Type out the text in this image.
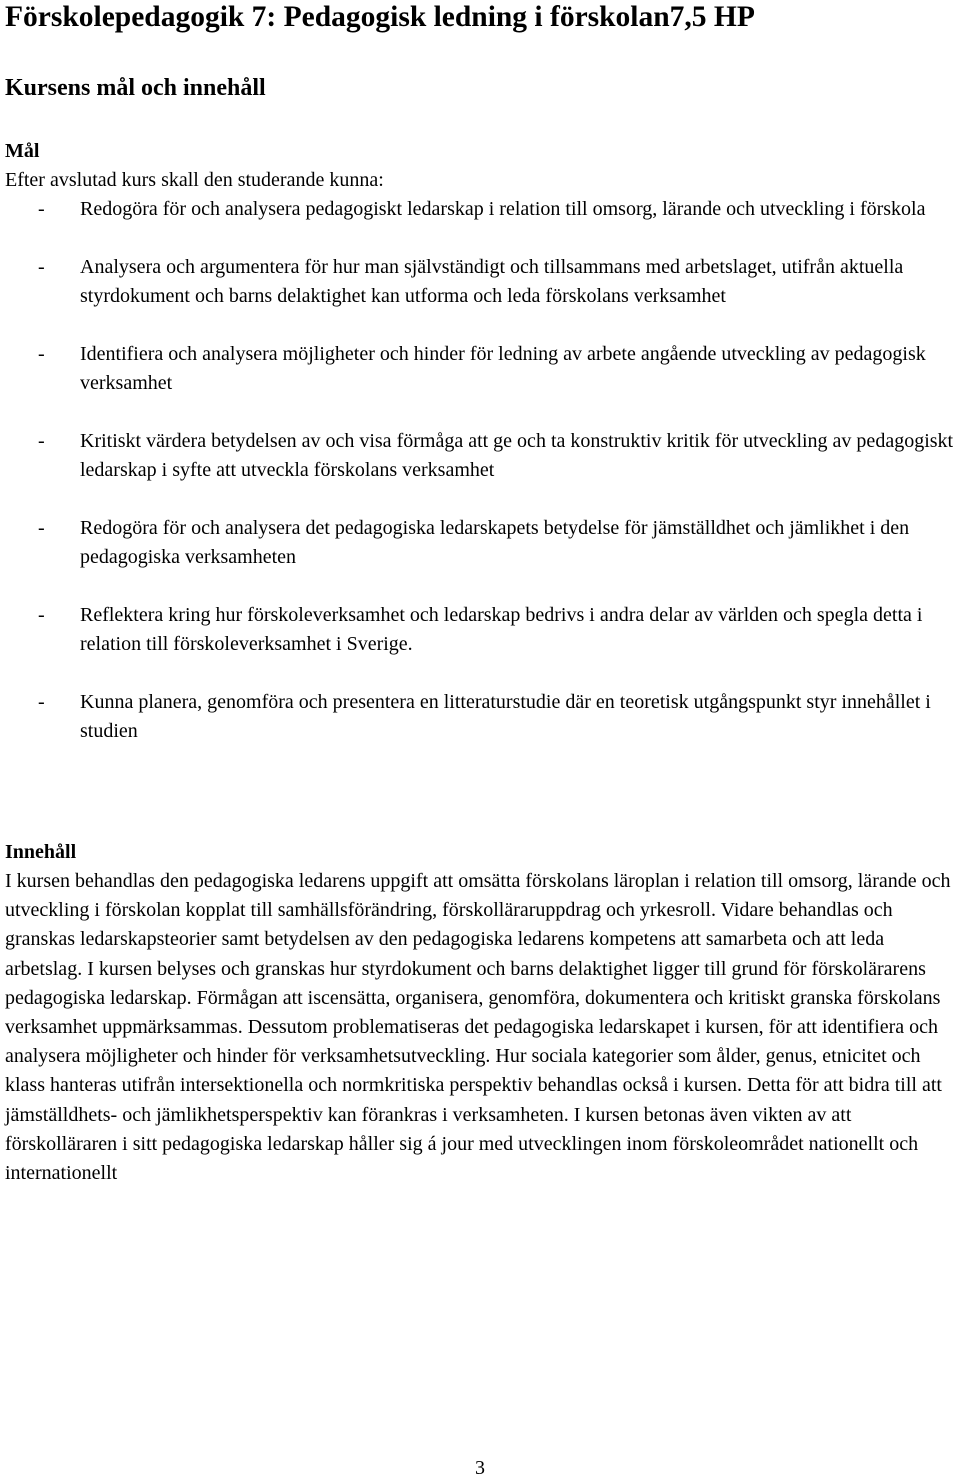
Förskolepedagogik 7: Pedagogisk ledning i förskolan7,5 HP
Kursens mål och innehåll
Mål

Efter avslutad kurs skall den studerande kunna:

- Redogöra för och analysera pedagogiskt ledarskap i relation till omsorg, lärande och utveckling i förskola
- Analysera och argumentera för hur man självständigt och tillsammans med arbetslaget, utifrån aktuella styrdokument och barns delaktighet kan utforma och leda förskolans verksamhet
- Identifiera och analysera möjligheter och hinder för ledning av arbete angående utveckling av pedagogisk verksamhet
- Kritiskt värdera betydelsen av och visa förmåga att ge och ta konstruktiv kritik för utveckling av pedagogiskt ledarskap i syfte att utveckla förskolans verksamhet
- Redogöra för och analysera det pedagogiska ledarskapets betydelse för jämställdhet och jämlikhet i den pedagogiska verksamheten
- Reflektera kring hur förskoleverksamhet och ledarskap bedrivs i andra delar av världen och spegla detta i relation till förskoleverksamhet i Sverige.
- Kunna planera, genomföra och presentera en litteraturstudie där en teoretisk utgångspunkt styr innehållet i studien
Innehåll

I kursen behandlas den pedagogiska ledarens uppgift att omsätta förskolans läroplan i relation till omsorg, lärande och utveckling i förskolan kopplat till samhällsförändring, förskollärаruppdrag och yrkesroll. Vidare behandlas och granskas ledarskapsteorier samt betydelsen av den pedagogiska ledarens kompetens att samarbeta och att leda arbetslag. I kursen belyses och granskas hur styrdokument och barns delaktighet ligger till grund för förskolärarens pedagogiska ledarskap. Förmågan att iscensätta, organisera, genomföra, dokumentera och kritiskt granska förskolans verksamhet uppmärksammas. Dessutom problematiseras det pedagogiska ledarskapet i kursen, för att identifiera och analysera möjligheter och hinder för verksamhetsutveckling. Hur sociala kategorier som ålder, genus, etnicitet och klass hanteras utifrån intersektionella och normkritiska perspektiv behandlas också i kursen. Detta för att bidra till att jämställdhets- och jämlikhetsperspektiv kan förankras i verksamheten. I kursen betonas även vikten av att förskolläraren i sitt pedagogiska ledarskap håller sig á jour med utvecklingen inom förskoleområdet nationellt och internationellt

3
